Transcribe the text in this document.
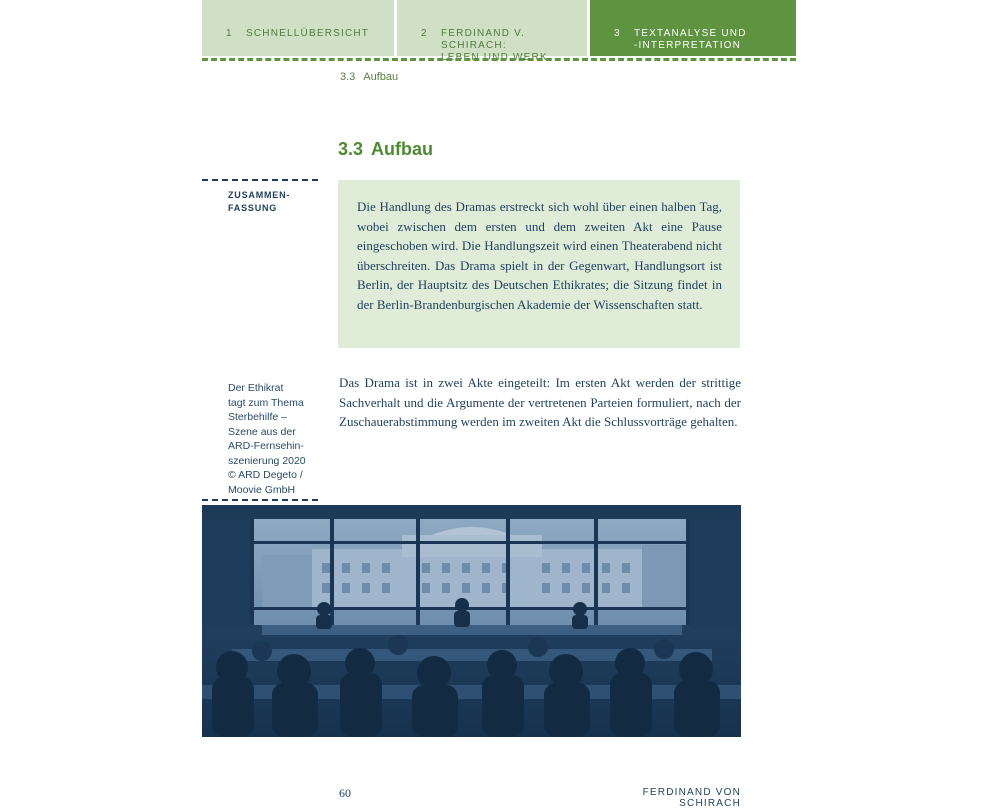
1 SCHNELLÜBERSICHT	2 FERDINAND V. SCHIRACH:
LEBEN UND WERK
3 TEXTANALYSE UND
-INTERPRETATION
3.3 Aufbau
3.3 Aufbau
ZUSAMMEN-
FASSUNG	Die Handlung des Dramas erstreckt sich wohl über einen halben Tag, wobei zwischen dem ersten und dem zweiten Akt eine Pause eingeschoben wird. Die Handlungszeit wird einen Theaterabend nicht überschreiten. Das Drama spielt in der Gegenwart, Handlungsort ist Berlin, der Hauptsitz des Deutschen Ethikrates; die Sitzung findet in der Berlin-Brandenburgischen Akademie der Wissenschaften statt.
Das Drama ist in zwei Akte eingeteilt: Im ersten Akt werden der strittige Sachverhalt und die Argumente der vertretenen Parteien formuliert, nach der Zuschauerabstimmung werden im zweiten Akt die Schlussvorträge gehalten.
Der Ethikrat
tagt zum Thema
Sterbehilfe –
Szene aus der
ARD-Fernsehin-
szenierung 2020
© ARD Degeto /
Moovie GmbH
60	FERDINAND VON SCHIRACH
